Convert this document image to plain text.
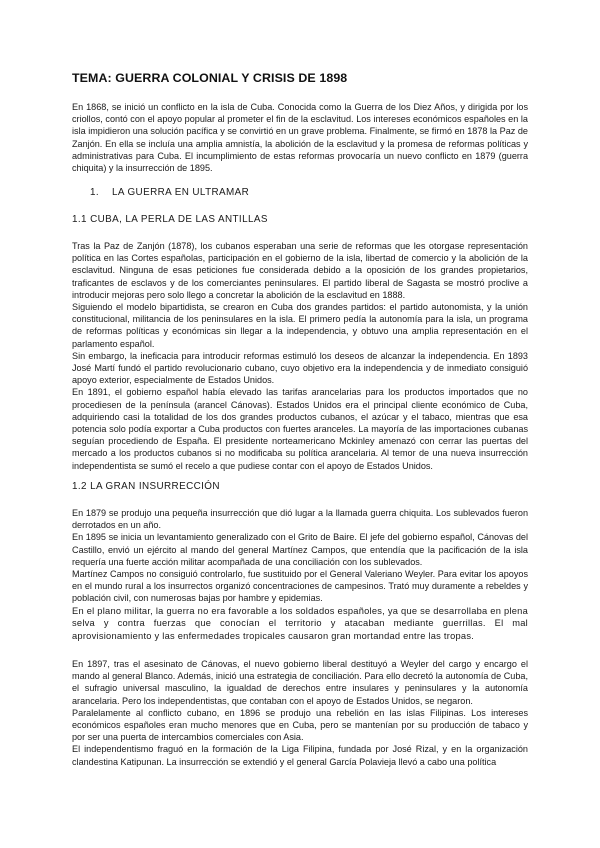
TEMA: GUERRA COLONIAL Y CRISIS DE 1898

En 1868, se inició un conflicto en la isla de Cuba. Conocida como la Guerra de los Diez Años, y dirigida por los criollos, contó con el apoyo popular al prometer el fin de la esclavitud. Los intereses económicos españoles en la isla impidieron una solución pacífica y se convirtió en un grave problema. Finalmente, se firmó en 1878 la Paz de Zanjón. En ella se incluía una amplia amnistía, la abolición de la esclavitud y la promesa de reformas políticas y administrativas para Cuba. El incumplimiento de estas reformas provocaría un nuevo conflicto en 1879 (guerra chiquita) y la insurrección de 1895.

1. LA GUERRA EN ULTRAMAR
1.1 CUBA, LA PERLA DE LAS ANTILLAS
Tras la Paz de Zanjón (1878), los cubanos esperaban una serie de reformas que les otorgase representación política en las Cortes españolas, participación en el gobierno de la isla, libertad de comercio y la abolición de la esclavitud. Ninguna de esas peticiones fue considerada debido a la oposición de los grandes propietarios, traficantes de esclavos y de los comerciantes peninsulares. El partido liberal de Sagasta se mostró proclive a introducir mejoras pero solo llego a concretar la abolición de la esclavitud en 1888.
Siguiendo el modelo bipartidista, se crearon en Cuba dos grandes partidos: el partido autonomista, y la unión constitucional, militancia de los peninsulares en la isla. El primero pedía la autonomía para la isla, un programa de reformas políticas y económicas sin llegar a la independencia, y obtuvo una amplia representación en el parlamento español.
Sin embargo, la ineficacia para introducir reformas estimuló los deseos de alcanzar la independencia. En 1893 José Martí fundó el partido revolucionario cubano, cuyo objetivo era la independencia y de inmediato consiguió apoyo exterior, especialmente de Estados Unidos.
En 1891, el gobierno español había elevado las tarifas arancelarias para los productos importados que no procediesen de la península (arancel Cánovas). Estados Unidos era el principal cliente económico de Cuba, adquiriendo casi la totalidad de los dos grandes productos cubanos, el azúcar y el tabaco, mientras que esa potencia solo podía exportar a Cuba productos con fuertes aranceles. La mayoría de las importaciones cubanas seguían procediendo de España. El presidente norteamericano Mckinley amenazó con cerrar las puertas del mercado a los productos cubanos si no modificaba su política arancelaria. Al temor de una nueva insurrección independentista se sumó el recelo a que pudiese contar con el apoyo de Estados Unidos.
1.2 LA GRAN INSURRECCIÓN
En 1879 se produjo una pequeña insurrección que dió lugar a la llamada guerra chiquita. Los sublevados fueron derrotados en un año.
En 1895 se inicia un levantamiento generalizado con el Grito de Baire. El jefe del gobierno español, Cánovas del Castillo, envió un ejército al mando del general Martínez Campos, que entendía que la pacificación de la isla requería una fuerte acción militar acompañada de una conciliación con los sublevados.
Martínez Campos no consiguió controlarlo, fue sustituido por el General Valeriano Weyler. Para evitar los apoyos en el mundo rural a los insurrectos organizó concentraciones de campesinos. Trató muy duramente a rebeldes y población civil, con numerosas bajas por hambre y epidemias.
En el plano militar, la guerra no era favorable a los soldados españoles, ya que se desarrollaba en plena selva y contra fuerzas que conocían el territorio y atacaban mediante guerrillas. El mal aprovisionamiento y las enfermedades tropicales causaron gran mortandad entre las tropas.
En 1897, tras el asesinato de Cánovas, el nuevo gobierno liberal destituyó a Weyler del cargo y encargo el mando al general Blanco. Además, inició una estrategia de conciliación. Para ello decretó la autonomía de Cuba, el sufragio universal masculino, la igualdad de derechos entre insulares y peninsulares y la autonomía arancelaria. Pero los independentistas, que contaban con el apoyo de Estados Unidos, se negaron.
Paralelamente al conflicto cubano, en 1896 se produjo una rebelión en las islas Filipinas. Los intereses económicos españoles eran mucho menores que en Cuba, pero se mantenían por su producción de tabaco y por ser una puerta de intercambios comerciales con Asia.
El independentismo fraguó en la formación de la Liga Filipina, fundada por José Rizal, y en la organización clandestina Katipunan. La insurrección se extendió y el general García Polavieja llevó a cabo una política
